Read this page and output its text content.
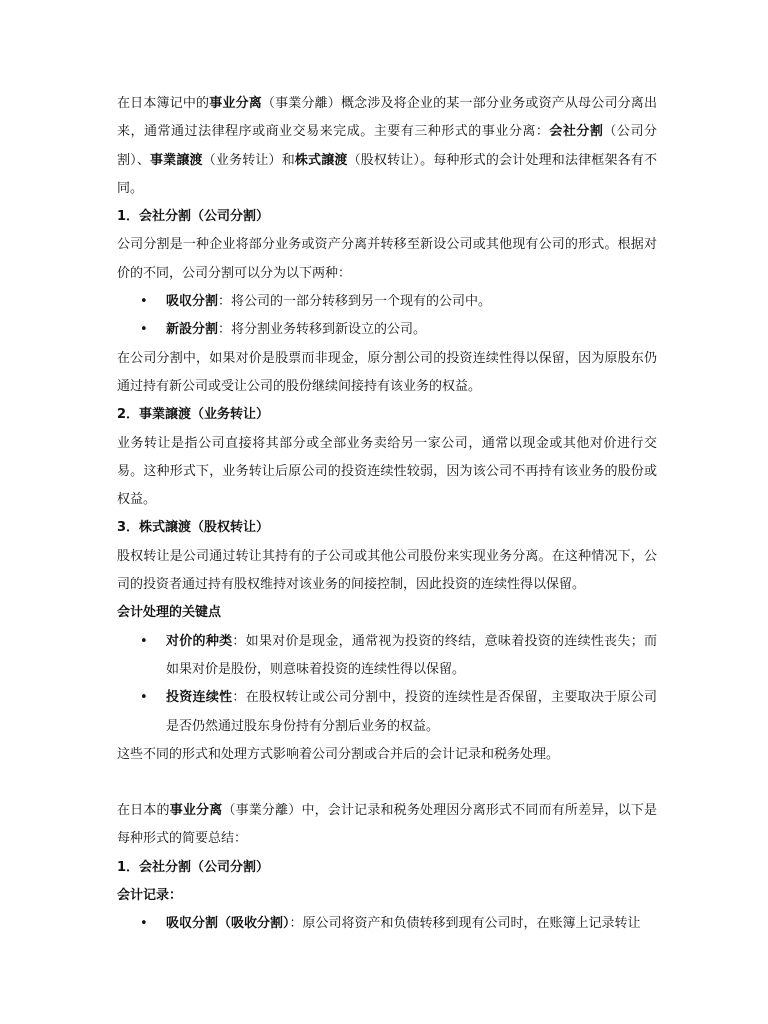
在日本簿记中的事业分离（事業分離）概念涉及将企业的某一部分业务或资产从母公司分离出来，通常通过法律程序或商业交易来完成。主要有三种形式的事业分离：会社分割（公司分割）、事業譲渡（业务转让）和株式譲渡（股权转让）。每种形式的会计处理和法律框架各有不同。

1．会社分割（公司分割）

公司分割是一种企业将部分业务或资产分离并转移至新设公司或其他现有公司的形式。根据对价的不同，公司分割可以分为以下两种：

• 吸収分割：将公司的一部分转移到另一个现有的公司中。
• 新設分割：将分割业务转移到新设立的公司。

在公司分割中，如果对价是股票而非现金，原分割公司的投资连续性得以保留，因为原股东仍通过持有新公司或受让公司的股份继续间接持有该业务的权益。

2．事業譲渡（业务转让）

业务转让是指公司直接将其部分或全部业务卖给另一家公司，通常以现金或其他对价进行交易。这种形式下，业务转让后原公司的投资连续性较弱，因为该公司不再持有该业务的股份或权益。

3．株式譲渡（股权转让）

股权转让是公司通过转让其持有的子公司或其他公司股份来实现业务分离。在这种情况下，公司的投资者通过持有股权维持对该业务的间接控制，因此投资的连续性得以保留。

会计处理的关键点

• 对价的种类：如果对价是现金，通常视为投资的终结，意味着投资的连续性丧失；而如果对价是股份，则意味着投资的连续性得以保留。
• 投资连续性：在股权转让或公司分割中，投资的连续性是否保留，主要取决于原公司是否仍然通过股东身份持有分割后业务的权益。

这些不同的形式和处理方式影响着公司分割或合并后的会计记录和税务处理。

在日本的事业分离（事業分離）中，会计记录和税务处理因分离形式不同而有所差异，以下是每种形式的简要总结：

1．会社分割（公司分割）

会计记录：

• 吸収分割（吸收分割）：原公司将资产和负债转移到现有公司时，在账簿上记录转让
